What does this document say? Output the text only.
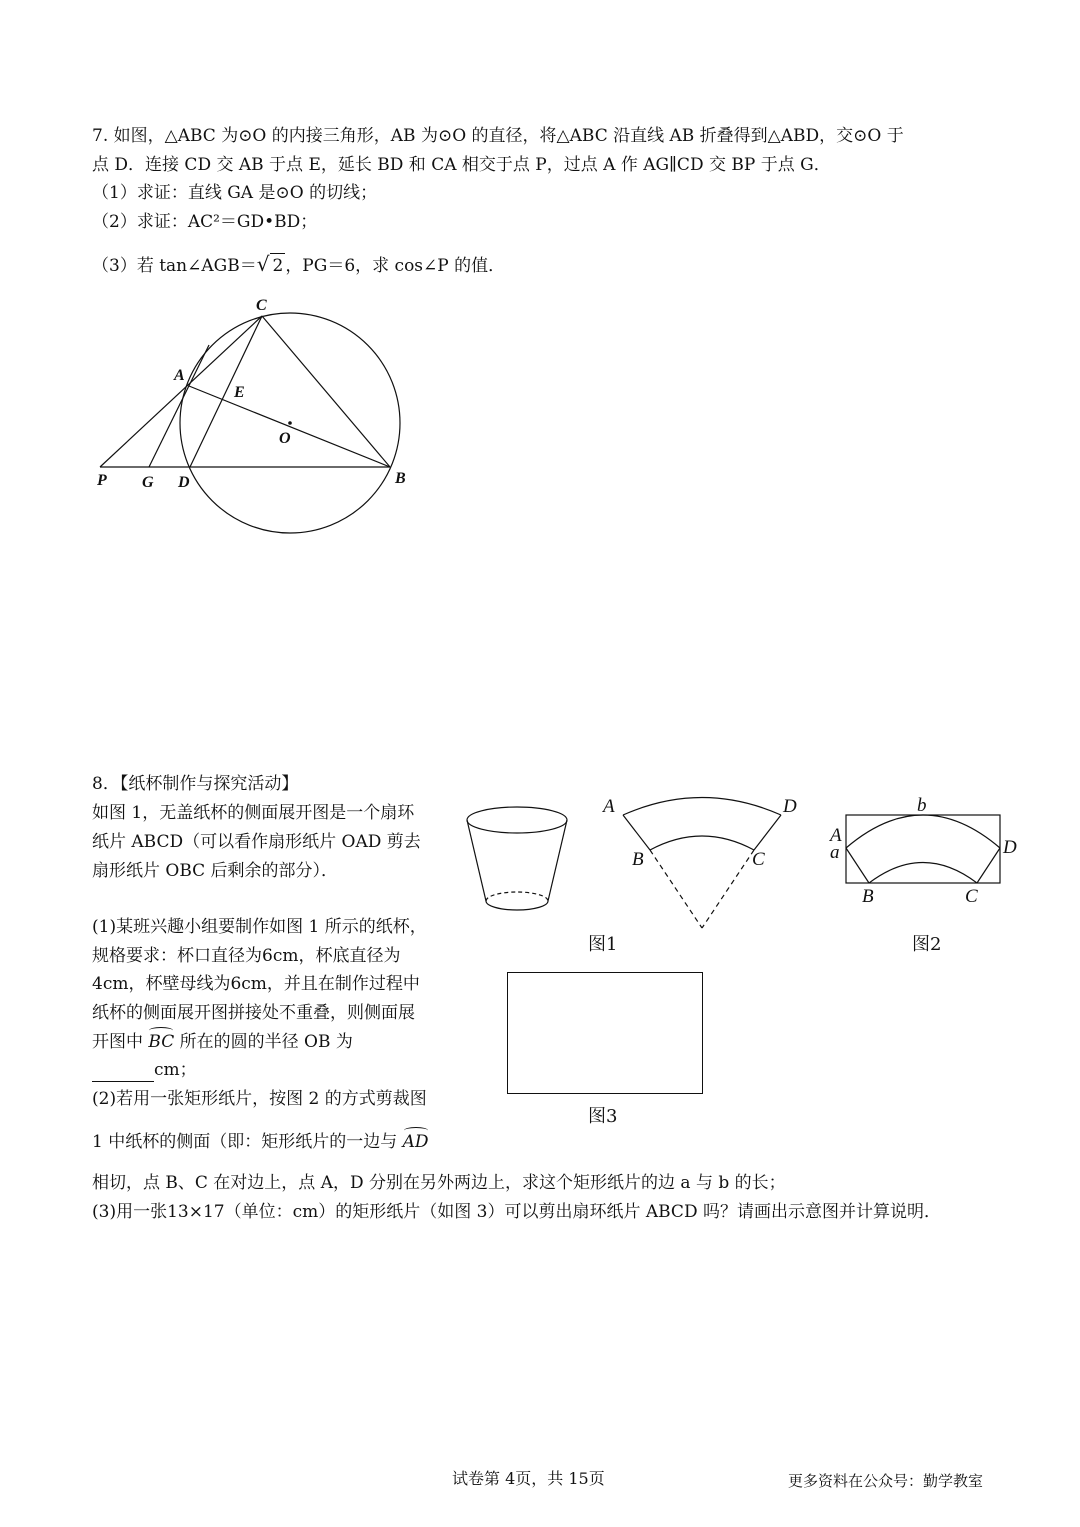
7. 如图，△ABC 为⊙O 的内接三角形，AB 为⊙O 的直径，将△ABC 沿直线 AB 折叠得到△ABD，交⊙O 于
点 D．连接 CD 交 AB 于点 E，延长 BD 和 CA 相交于点 P，过点 A 作 AG∥CD 交 BP 于点 G．
（1）求证：直线 GA 是⊙O 的切线；
（2）求证：AC²＝GD•BD；
（3）若 tan∠AGB＝√ 2 ，PG＝6，求 cos∠P 的值．
C
A
E
O
P G D	B
8．【纸杯制作与探究活动】
如图 1，无盖纸杯的侧面展开图是一个扇环
纸片 ABCD（可以看作扇形纸片 OAD 剪去
扇形纸片 OBC 后剩余的部分）．
(1)某班兴趣小组要制作如图 1 所示的纸杯，
规格要求：杯口直径为6cm，杯底直径为
4cm，杯壁母线为6cm，并且在制作过程中
纸杯的侧面展开图拼接处不重叠，则侧面展
开图中 BC 所在的圆的半径 OB 为
cm；
(2)若用一张矩形纸片，按图 2 的方式剪裁图
1 中纸杯的侧面（即：矩形纸片的一边与 AD
相切，点 B、C 在对边上，点 A，D 分别在另外两边上，求这个矩形纸片的边 a 与 b 的长；
(3)用一张13×17（单位：cm）的矩形纸片（如图 3）可以剪出扇环纸片 ABCD 吗？请画出示意图并计算说明．
A	D
B	C
图1
b
A
a	D
B	C
图2
图3
试卷第 4页，共 15页	更多资料在公众号：勤学教室
